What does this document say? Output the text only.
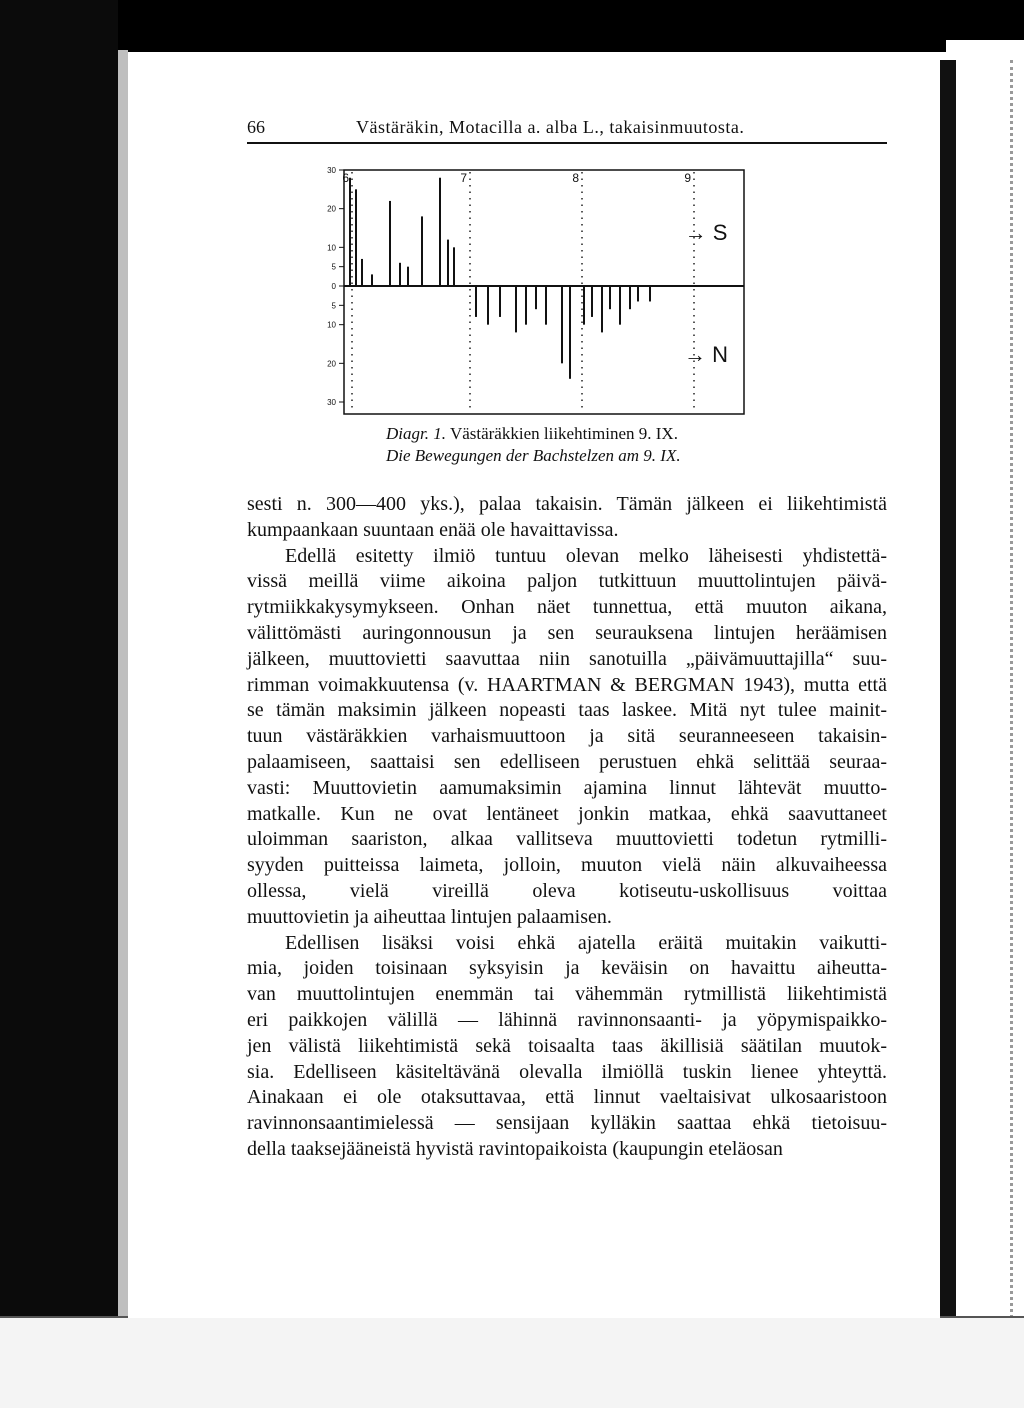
66	Västäräkin, Motacilla a. alba L., takaisinmuutosta.
30
20
10
5
0
5
10
20
30
6	7	8	9
→ S
→ N
Diagr. 1. Västäräkkien liikehtiminen 9. IX.
Die Bewegungen der Bachstelzen am 9. IX.

sesti n. 300—400 yks.), palaa takaisin. Tämän jälkeen ei liikehtimistä

kumpaankaan suuntaan enää ole havaittavissa.

Edellä esitetty ilmiö tuntuu olevan melko läheisesti yhdistettä-

vissä meillä viime aikoina paljon tutkittuun muuttolintujen päivä-

rytmiikkakysymykseen. Onhan näet tunnettua, että muuton aikana,

välittömästi auringonnousun ja sen seurauksena lintujen heräämisen

jälkeen, muuttovietti saavuttaa niin sanotuilla „päivämuuttajilla“ suu-

rimman voimakkuutensa (v. HAARTMAN & BERGMAN 1943), mutta että

se tämän maksimin jälkeen nopeasti taas laskee. Mitä nyt tulee mainit-

tuun västäräkkien varhaismuuttoon ja sitä seuranneeseen takaisin-

palaamiseen, saattaisi sen edelliseen perustuen ehkä selittää seuraa-

vasti: Muuttovietin aamumaksimin ajamina linnut lähtevät muutto-

matkalle. Kun ne ovat lentäneet jonkin matkaa, ehkä saavuttaneet

uloimman saariston, alkaa vallitseva muuttovietti todetun rytmilli-

syyden puitteissa laimeta, jolloin, muuton vielä näin alkuvaiheessa

ollessa, vielä vireillä oleva kotiseutu-uskollisuus voittaa

muuttovietin ja aiheuttaa lintujen palaamisen.

Edellisen lisäksi voisi ehkä ajatella eräitä muitakin vaikutti-

mia, joiden toisinaan syksyisin ja keväisin on havaittu aiheutta-

van muuttolintujen enemmän tai vähemmän rytmillistä liikehtimistä

eri paikkojen välillä — lähinnä ravinnonsaanti- ja yöpymispaikko-

jen välistä liikehtimistä sekä toisaalta taas äkillisiä säätilan muutok-

sia. Edelliseen käsiteltävänä olevalla ilmiöllä tuskin lienee yhteyttä.

Ainakaan ei ole otaksuttavaa, että linnut vaeltaisivat ulkosaaristoon

ravinnonsaantimielessä — sensijaan kylläkin saattaa ehkä tietoisuu-

della taaksejääneistä hyvistä ravintopaikoista (kaupungin eteläosan
